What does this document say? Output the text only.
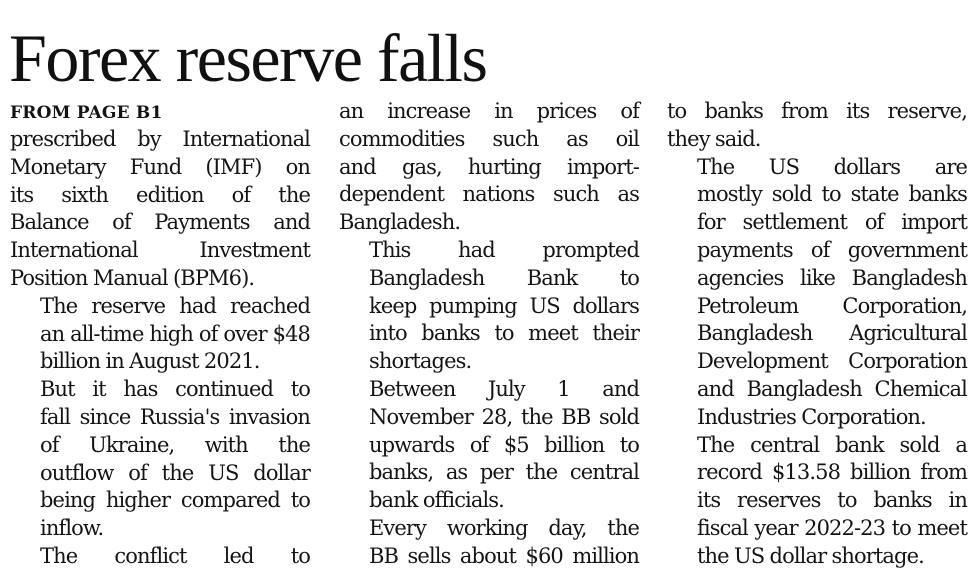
Forex reserve falls
FROM PAGE B1

prescribed by International
Monetary Fund (IMF) on
its sixth edition of the
Balance of Payments and
International Investment
Position Manual (BPM6).

The reserve had reached
an all-time high of over $48
billion in August 2021.

But it has continued to
fall since Russia's invasion
of Ukraine, with the
outflow of the US dollar
being higher compared to
inflow.

The conflict led to

an increase in prices of
commodities such as oil
and gas, hurting import-
dependent nations such as
Bangladesh.

This had prompted
Bangladesh Bank to
keep pumping US dollars
into banks to meet their
shortages.

Between July 1 and
November 28, the BB sold
upwards of $5 billion to
banks, as per the central
bank officials.

Every working day, the
BB sells about $60 million

to banks from its reserve,
they said.

The US dollars are
mostly sold to state banks
for settlement of import
payments of government
agencies like Bangladesh
Petroleum Corporation,
Bangladesh Agricultural
Development Corporation
and Bangladesh Chemical
Industries Corporation.

The central bank sold a
record $13.58 billion from
its reserves to banks in
fiscal year 2022-23 to meet
the US dollar shortage.
